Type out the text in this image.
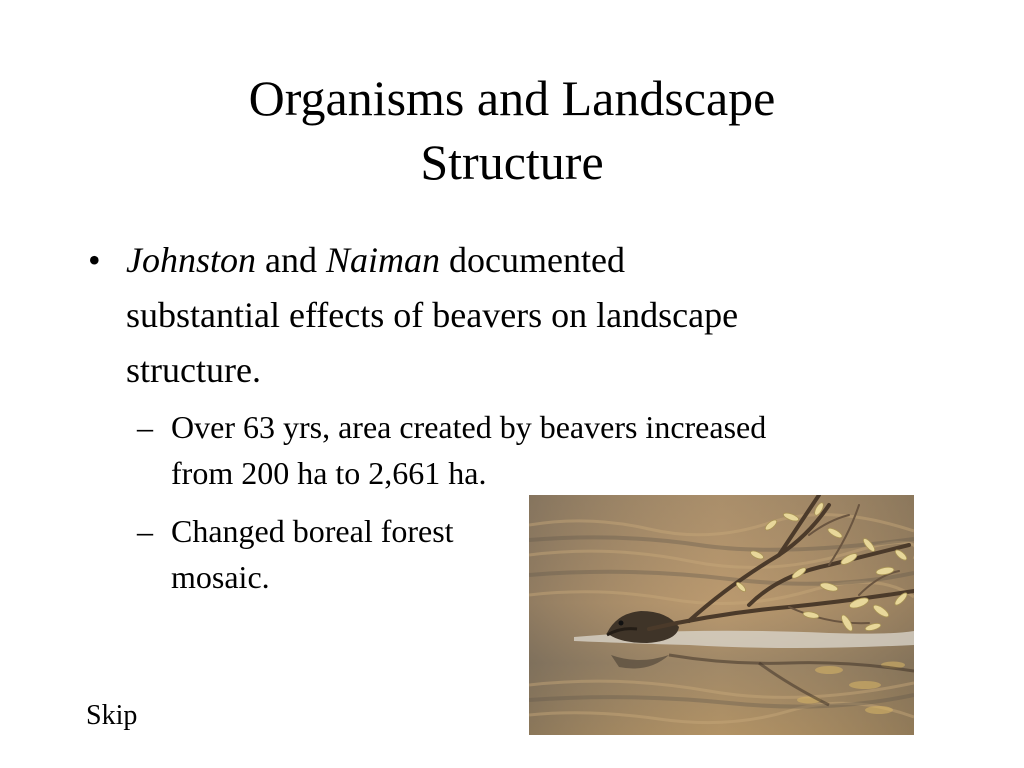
Organisms and Landscape
Structure
• Johnston and Naiman documented
substantial effects of beavers on landscape
structure.
– Over 63 yrs, area created by beavers increased
from 200 ha to 2,661 ha.
– Changed boreal forest
mosaic.
Skip
